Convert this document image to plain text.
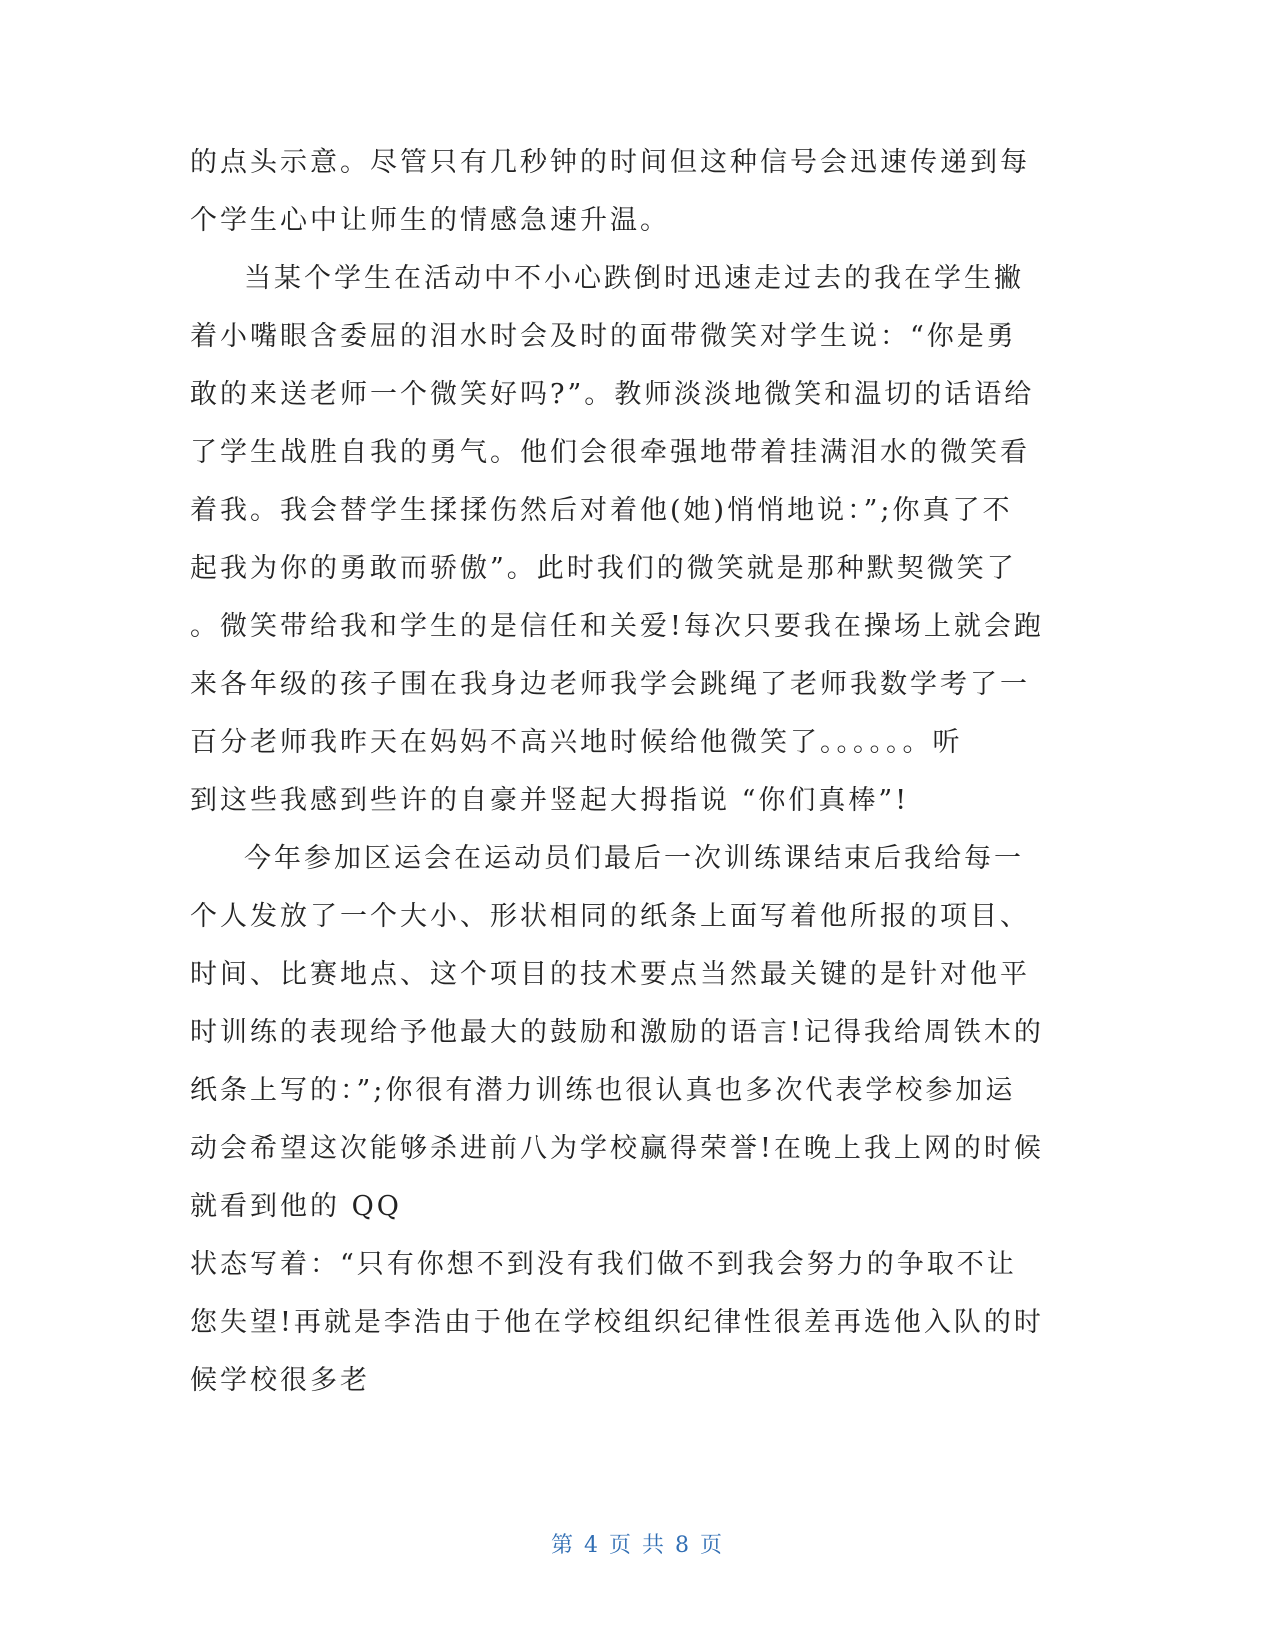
的点头示意。尽管只有几秒钟的时间但这种信号会迅速传递到每
个学生心中让师生的情感急速升温。
当某个学生在活动中不小心跌倒时迅速走过去的我在学生撇
着小嘴眼含委屈的泪水时会及时的面带微笑对学生说：“你是勇
敢的来送老师一个微笑好吗?”。教师淡淡地微笑和温切的话语给
了学生战胜自我的勇气。他们会很牵强地带着挂满泪水的微笑看
着我。我会替学生揉揉伤然后对着他(她)悄悄地说：”;你真了不
起我为你的勇敢而骄傲”。此时我们的微笑就是那种默契微笑了
。微笑带给我和学生的是信任和关爱!每次只要我在操场上就会跑
来各年级的孩子围在我身边老师我学会跳绳了老师我数学考了一
百分老师我昨天在妈妈不高兴地时候给他微笑了。。。。。。听
到这些我感到些许的自豪并竖起大拇指说 “你们真棒”!
今年参加区运会在运动员们最后一次训练课结束后我给每一
个人发放了一个大小、形状相同的纸条上面写着他所报的项目、
时间、比赛地点、这个项目的技术要点当然最关键的是针对他平
时训练的表现给予他最大的鼓励和激励的语言!记得我给周铁木的
纸条上写的：”;你很有潜力训练也很认真也多次代表学校参加运
动会希望这次能够杀进前八为学校赢得荣誉!在晚上我上网的时候
就看到他的 QQ
状态写着：“只有你想不到没有我们做不到我会努力的争取不让
您失望!再就是李浩由于他在学校组织纪律性很差再选他入队的时
候学校很多老
第 4 页 共 8 页
